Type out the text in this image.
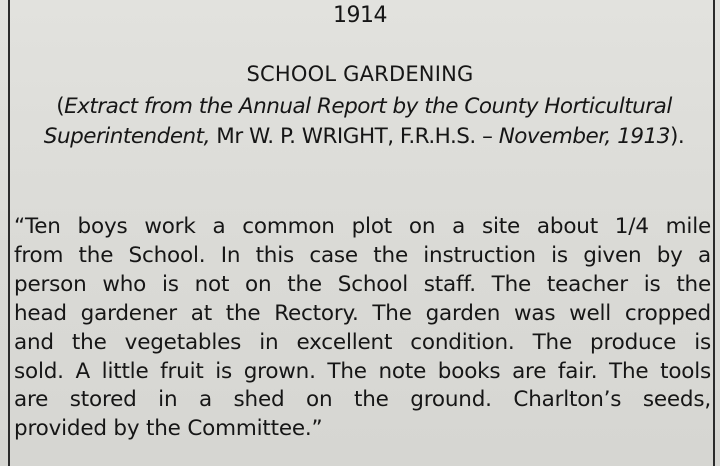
1914
SCHOOL GARDENING
(Extract from the Annual Report by the County Horticultural Superintendent, Mr W. P. WRIGHT, F.R.H.S. – November, 1913).
“Ten boys work a common plot on a site about 1/4 mile
from the School. In this case the instruction is given by a
person who is not on the School staff. The teacher is the
head gardener at the Rectory. The garden was well cropped
and the vegetables in excellent condition. The produce is
sold. A little fruit is grown. The note books are fair. The tools
are stored in a shed on the ground. Charlton’s seeds,
provided by the Committee.”
